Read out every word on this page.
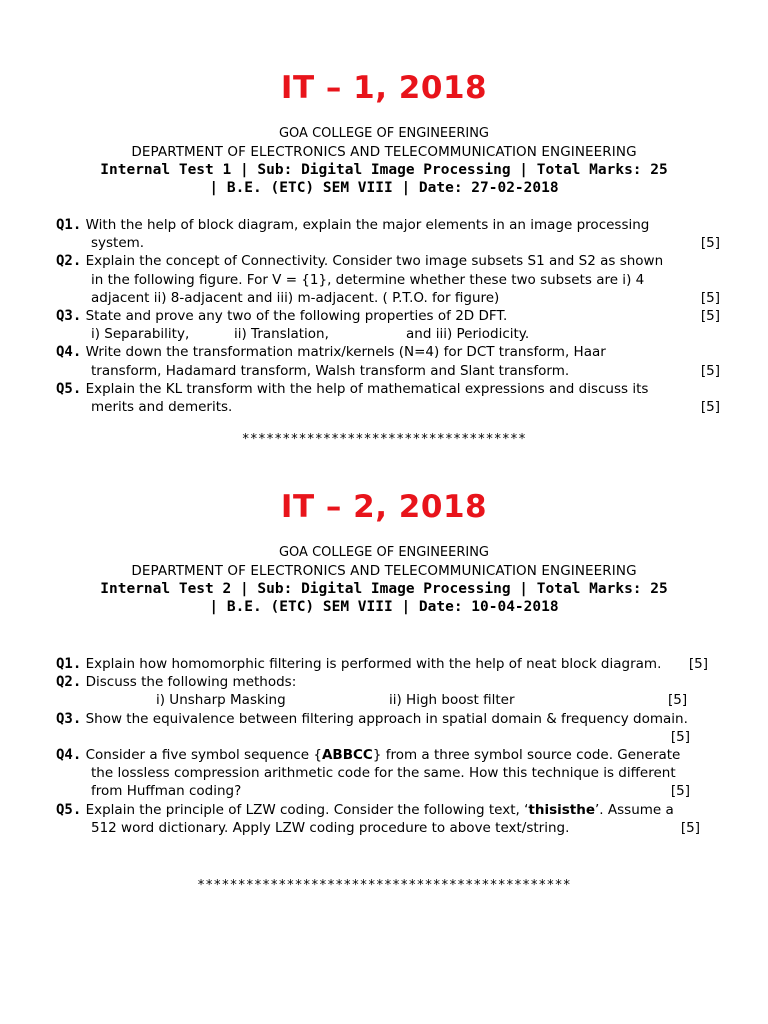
IT – 1, 2018
GOA COLLEGE OF ENGINEERING
DEPARTMENT OF ELECTRONICS AND TELECOMMUNICATION ENGINEERING
Internal Test 1 | Sub: Digital Image Processing | Total Marks: 25
| B.E. (ETC) SEM VIII | Date: 27-02-2018
Q1. With the help of block diagram, explain the major elements in an image processing
system.	[5]
Q2. Explain the concept of Connectivity. Consider two image subsets S1 and S2 as shown
in the following figure. For V = {1}, determine whether these two subsets are i) 4
adjacent ii) 8-adjacent and iii) m-adjacent. ( P.T.O. for figure)	[5]
Q3. State and prove any two of the following properties of 2D DFT.	[5]
i) Separability,	ii) Translation,	and iii) Periodicity.
Q4. Write down the transformation matrix/kernels (N=4) for DCT transform, Haar
transform, Hadamard transform, Walsh transform and Slant transform.	[5]
Q5. Explain the KL transform with the help of mathematical expressions and discuss its
merits and demerits.	[5]
***********************************
IT – 2, 2018
GOA COLLEGE OF ENGINEERING
DEPARTMENT OF ELECTRONICS AND TELECOMMUNICATION ENGINEERING
Internal Test 2 | Sub: Digital Image Processing | Total Marks: 25
| B.E. (ETC) SEM VIII | Date: 10-04-2018
Q1. Explain how homomorphic filtering is performed with the help of neat block diagram. [5]
Q2. Discuss the following methods:
i) Unsharp Masking	ii) High boost filter	[5]
Q3. Show the equivalence between filtering approach in spatial domain & frequency domain.
[5]
Q4. Consider a five symbol sequence {ABBCC} from a three symbol source code. Generate
the lossless compression arithmetic code for the same. How this technique is different
from Huffman coding?	[5]
Q5. Explain the principle of LZW coding. Consider the following text, ‘thisisthe’. Assume a
512 word dictionary. Apply LZW coding procedure to above text/string.	[5]
**********************************************
